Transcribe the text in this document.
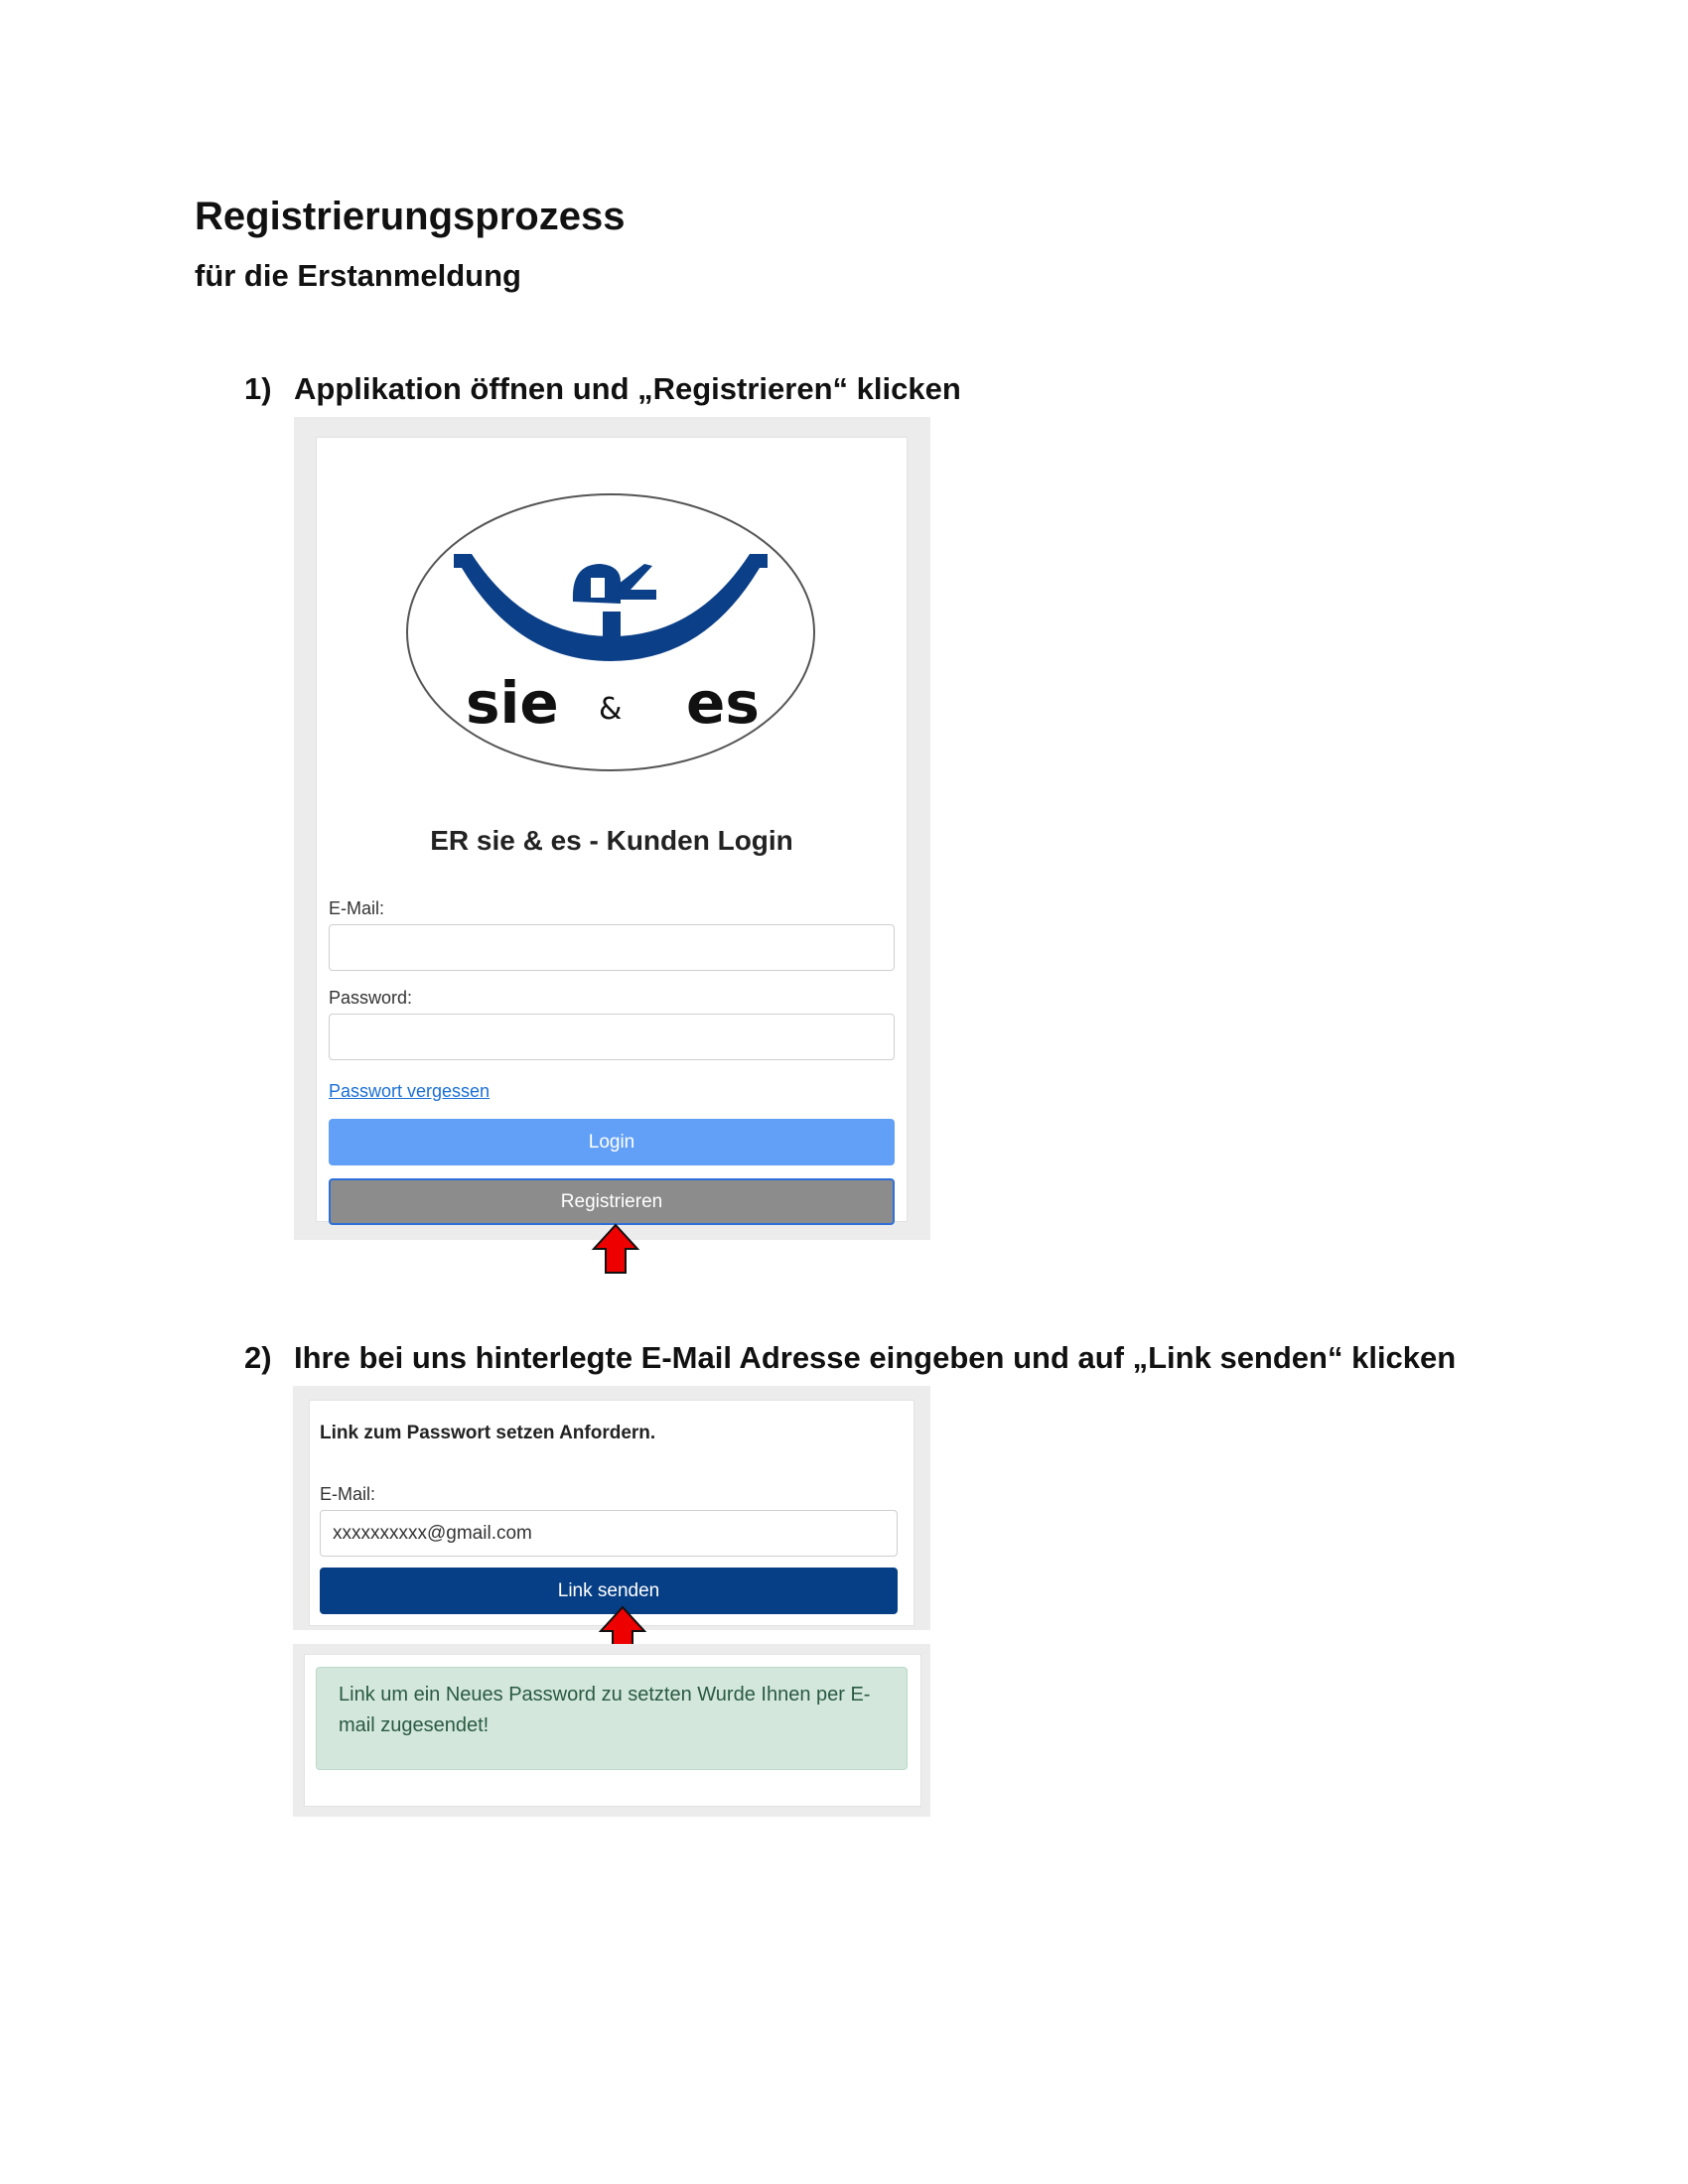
Registrierungsprozess
für die Erstanmeldung
1) Applikation öffnen und „Registrieren“ klicken
sie & es
ER sie & es - Kunden Login
E-Mail:
Password:
Passwort vergessen
Login
Registrieren
2) Ihre bei uns hinterlegte E-Mail Adresse eingeben und auf „Link senden“ klicken
Link zum Passwort setzen Anfordern.
E-Mail:
xxxxxxxxxx@gmail.com
Link senden
Link um ein Neues Password zu setzten Wurde Ihnen per E-mail zugesendet!
